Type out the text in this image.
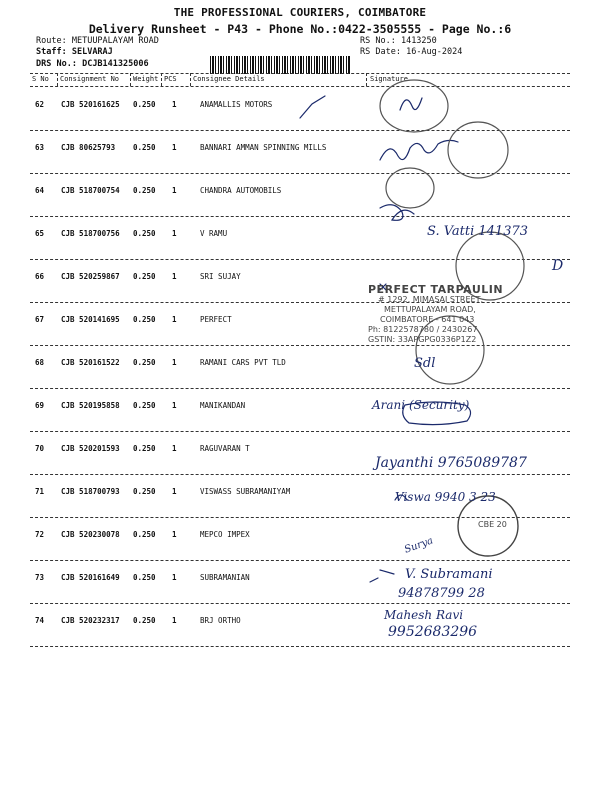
THE PROFESSIONAL COURIERS, COIMBATORE
Delivery Runsheet - P43 - Phone No.:0422-3505555 - Page No.:6
Route: METUUPALAYAM ROAD
Staff: SELVARAJ
DRS No.: DCJB141325006
RS No.: 1413250
RS Date: 16-Aug-2024
S No Consignment No Weight PCS Consignee Details	Signature
62 CJB 520161625 0.250 1	ANAMALLIS MOTORS
63 CJB 80625793 0.250 1	BANNARI AMMAN SPINNING MILLS
64 CJB 518700754 0.250 1	CHANDRA AUTOMOBILS
65 CJB 518700756 0.250 1	V RAMU
66 CJB 520259867 0.250 1	SRI SUJAY
67 CJB 520141695 0.250 1	PERFECT
68 CJB 520161522 0.250 1	RAMANI CARS PVT TLD
69 CJB 520195858 0.250 1	MANIKANDAN
70 CJB 520201593 0.250 1	RAGUVARAN T
71 CJB 518700793 0.250 1	VISWASS SUBRAMANIYAM
72 CJB 520230078 0.250 1	MEPCO IMPEX
73 CJB 520161649 0.250 1	SUBRAMANIAN
74 CJB 520232317 0.250 1	BRJ ORTHO
S. Vatti 141373
D
Sdl
Arani (Security)
Jayanthi 9765089787
Viswa 9940 3 23
Surya
V. Subramani
94878799 28
Mahesh Ravi
9952683296
PERFECT TARPAULIN
# 1292, MIMASAI STREET,
METTUPALAYAM ROAD,
COIMBATORE - 641 043
Ph: 8122578780 / 2430267
GSTIN: 33APGPG0336P1Z2
CBE 20
